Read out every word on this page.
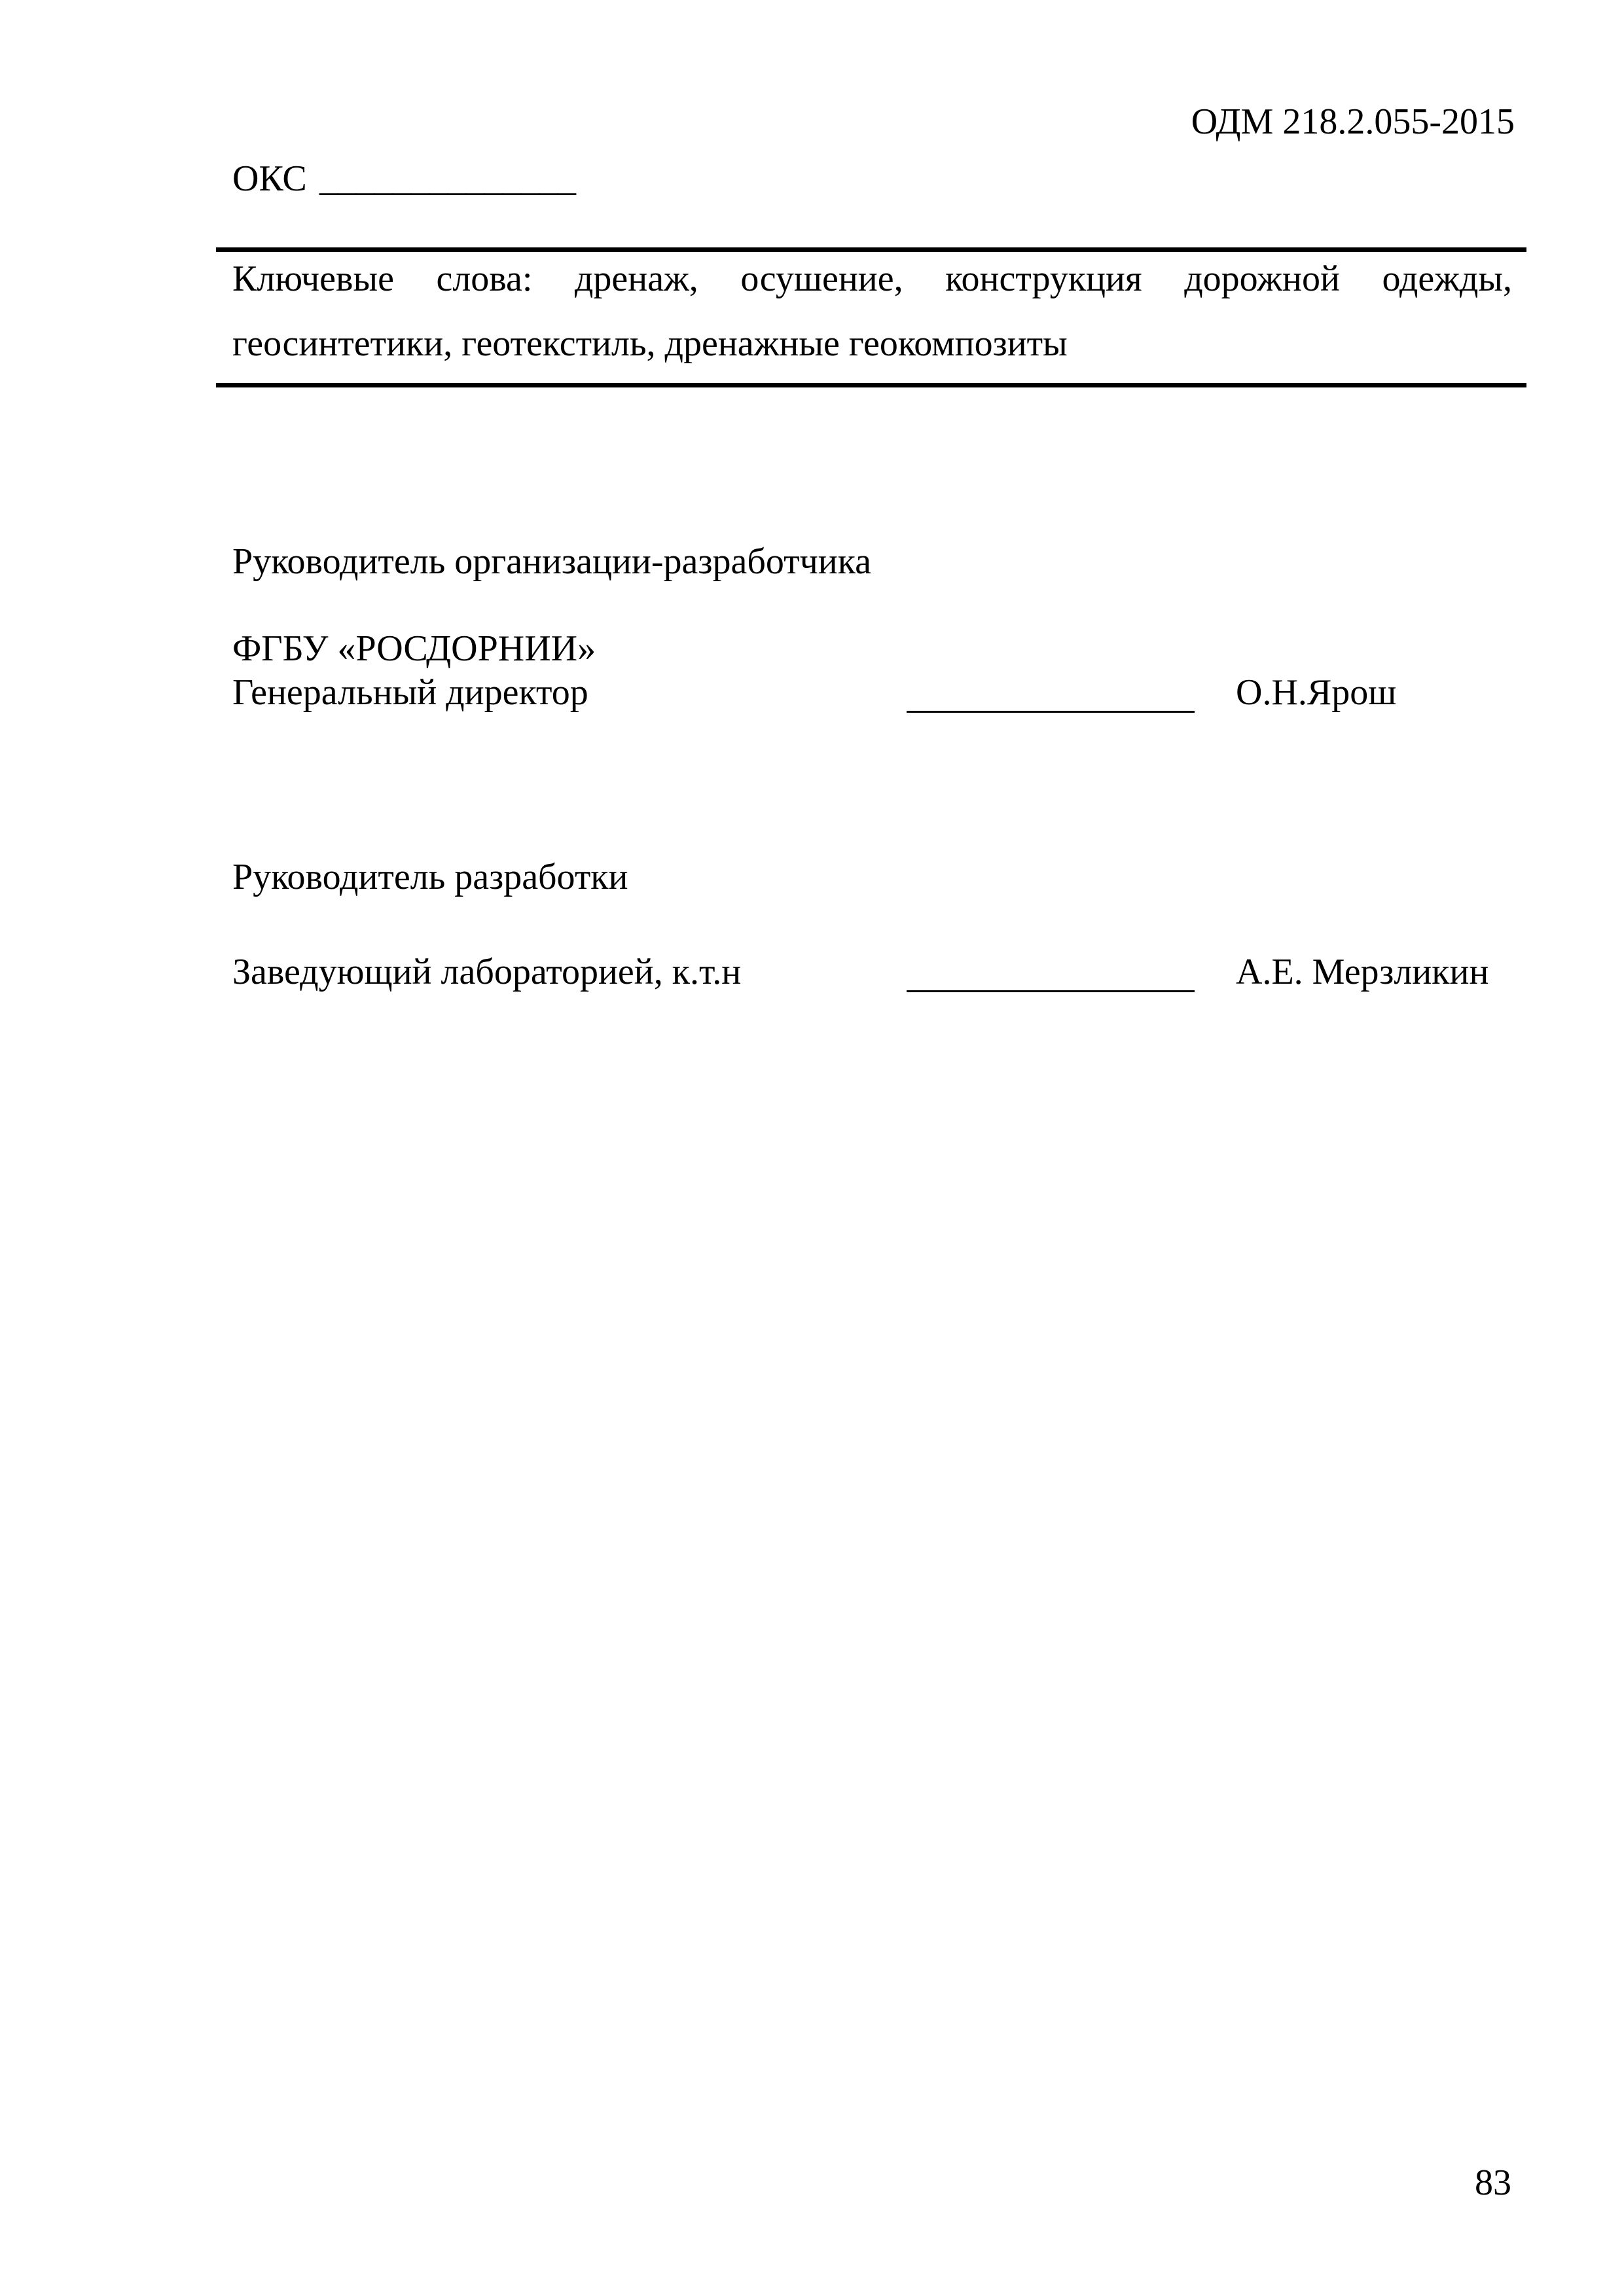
ОДМ 218.2.055-2015
ОКС ______________
Ключевые слова: дренаж, осушение, конструкция дорожной одежды,
геосинтетики, геотекстиль, дренажные геокомпозиты
Руководитель организации-разработчика
ФГБУ «РОСДОРНИИ»
Генеральный директор	О.Н.Ярош
Руководитель разработки
Заведующий лабораторией, к.т.н	А.Е. Мерзликин
83
